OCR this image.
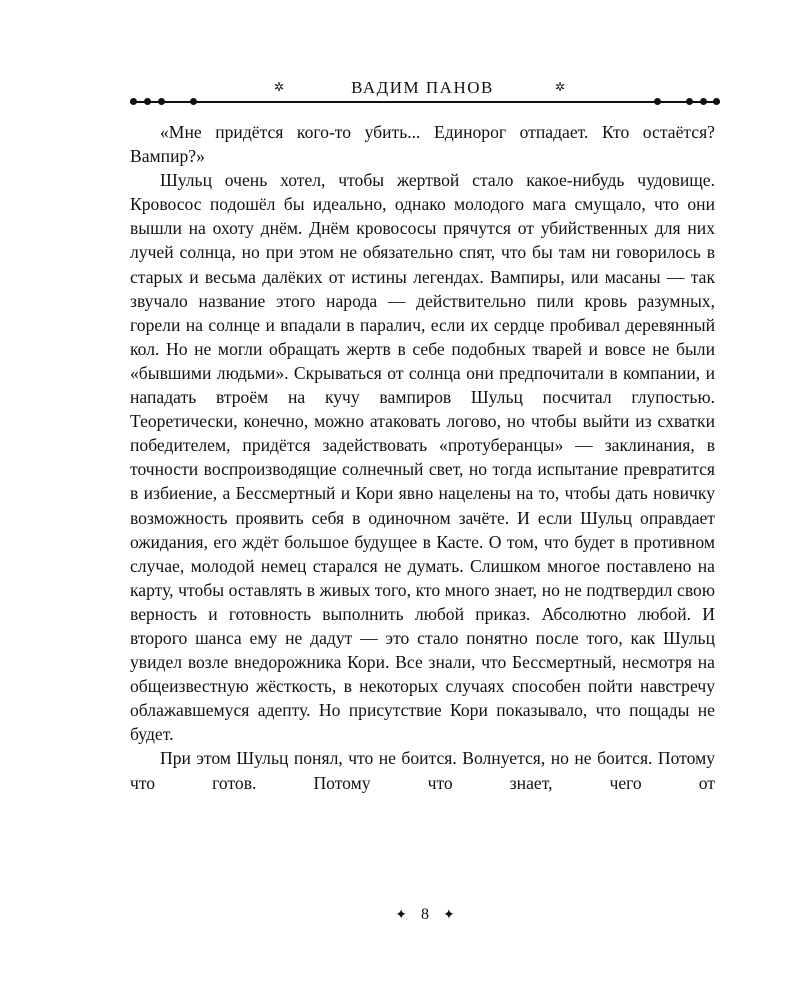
✲	ВАДИМ ПАНОВ	✲

«Мне придётся кого-то убить... Единорог отпадает. Кто остаётся? Вампир?»

Шульц очень хотел, чтобы жертвой стало какое-нибудь чудовище. Кровосос подошёл бы идеально, однако молодого мага смущало, что они вышли на охоту днём. Днём кровососы прячутся от убийственных для них лучей солнца, но при этом не обязательно спят, что бы там ни говорилось в старых и весьма далёких от истины легендах. Вампиры, или масаны — так звучало название этого народа — действительно пили кровь разумных, горели на солнце и впадали в паралич, если их сердце пробивал деревянный кол. Но не могли обращать жертв в себе подобных тварей и вовсе не были «бывшими людьми». Скрываться от солнца они предпочитали в компании, и нападать втроём на кучу вампиров Шульц посчитал глупостью. Теоретически, конечно, можно атаковать логово, но чтобы выйти из схватки победителем, придётся задействовать «протуберанцы» — заклинания, в точности воспроизводящие солнечный свет, но тогда испытание превратится в избиение, а Бессмертный и Кори явно нацелены на то, чтобы дать новичку возможность проявить себя в одиночном зачёте. И если Шульц оправдает ожидания, его ждёт большое будущее в Касте. О том, что будет в противном случае, молодой немец старался не думать. Слишком многое поставлено на карту, чтобы оставлять в живых того, кто много знает, но не подтвердил свою верность и готовность выполнить любой приказ. Абсолютно любой. И второго шанса ему не дадут — это стало понятно после того, как Шульц увидел возле внедорожника Кори. Все знали, что Бессмертный, несмотря на общеизвестную жёсткость, в некоторых случаях способен пойти навстречу облажавшемуся адепту. Но присутствие Кори показывало, что пощады не будет.

При этом Шульц понял, что не боится. Волнуется, но не боится. Потому что готов. Потому что знает, чего от

✦ 8 ✦
